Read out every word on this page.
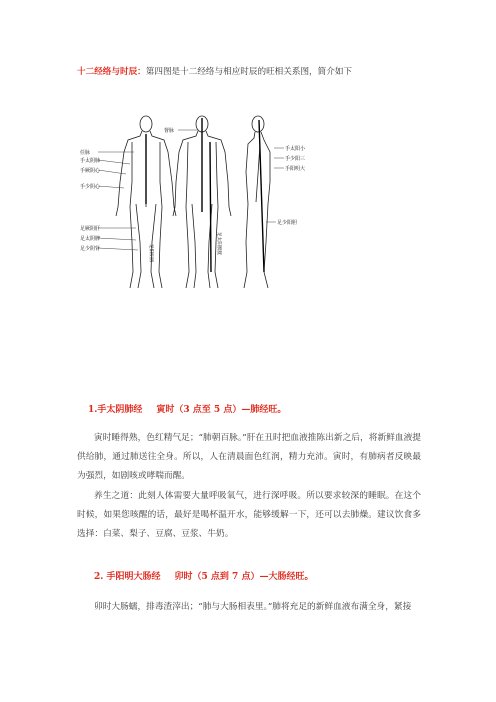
十二经络与时辰：第四图是十二经络与相应时辰的旺相关系图，简介如下
任脉
手太阴肺
手厥阴心
手少阴心
足厥阴肝
足太阴脾
足少阴肾
督脉
手太阳小
手少阳三
手阳明大
足少阳胆
足太阳膀胱
足阳明胃
1.手太阴肺经 寅时（3 点至 5 点）—肺经旺。

寅时睡得熟，色红精气足；“肺朝百脉。”肝在丑时把血液推陈出新之后，将新鲜血液提供给肺，通过肺送往全身。所以，人在清晨面色红润，精力充沛。寅时，有肺病者反映最为强烈，如剧咳或哮喘而醒。

养生之道：此刻人体需要大量呼吸氧气，进行深呼吸。所以要求较深的睡眠。在这个时候，如果您咳醒的话，最好是喝杯温开水，能够缓解一下，还可以去肺燥。建议饮食多选择：白菜、梨子、豆腐、豆浆、牛奶。

2. 手阳明大肠经 卯时（5 点到 7 点）—大肠经旺。

卯时大肠蠕，排毒渣滓出；“肺与大肠相表里。”肺将充足的新鲜血液布满全身，紧接
